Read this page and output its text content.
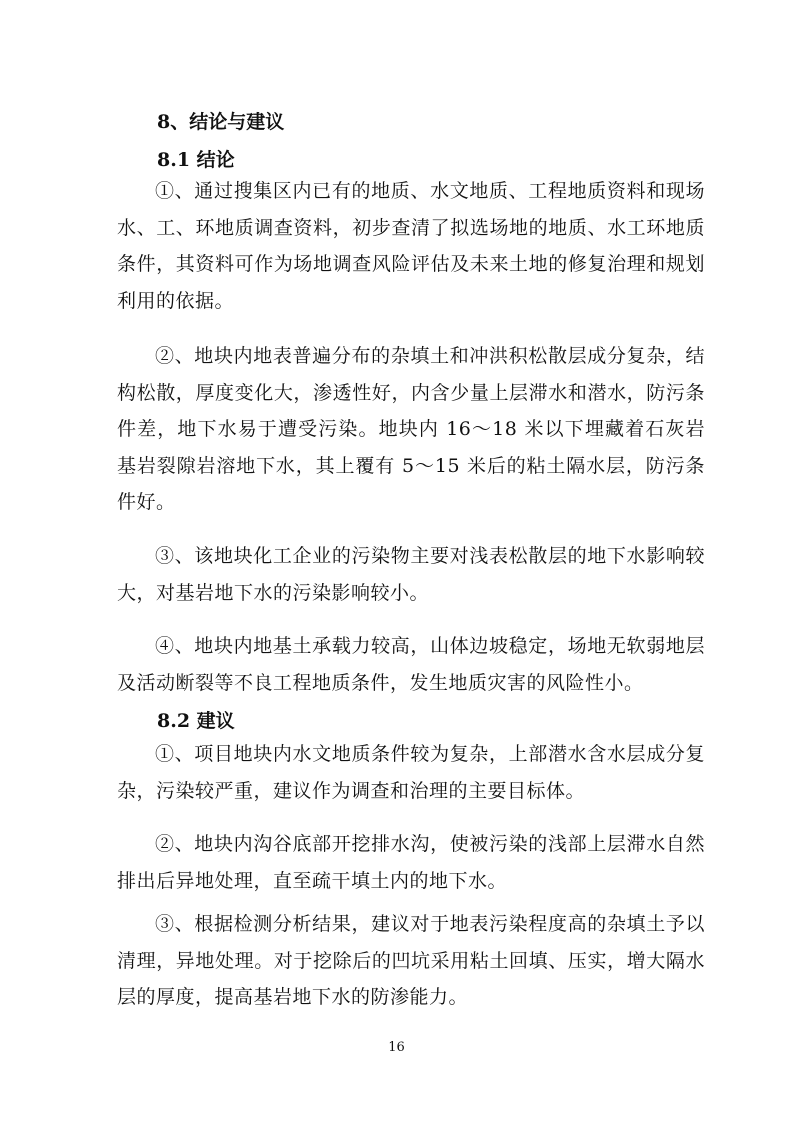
8、结论与建议
8.1 结论

①、通过搜集区内已有的地质、水文地质、工程地质资料和现场水、工、环地质调查资料，初步查清了拟选场地的地质、水工环地质条件，其资料可作为场地调查风险评估及未来土地的修复治理和规划利用的依据。

②、地块内地表普遍分布的杂填土和冲洪积松散层成分复杂，结构松散，厚度变化大，渗透性好，内含少量上层滞水和潜水，防污条件差，地下水易于遭受污染。地块内 16～18 米以下埋藏着石灰岩基岩裂隙岩溶地下水，其上覆有 5～15 米后的粘土隔水层，防污条件好。

③、该地块化工企业的污染物主要对浅表松散层的地下水影响较大，对基岩地下水的污染影响较小。

④、地块内地基土承载力较高，山体边坡稳定，场地无软弱地层及活动断裂等不良工程地质条件，发生地质灾害的风险性小。

8.2 建议

①、项目地块内水文地质条件较为复杂，上部潜水含水层成分复杂，污染较严重，建议作为调查和治理的主要目标体。

②、地块内沟谷底部开挖排水沟，使被污染的浅部上层滞水自然排出后异地处理，直至疏干填土内的地下水。

③、根据检测分析结果，建议对于地表污染程度高的杂填土予以清理，异地处理。对于挖除后的凹坑采用粘土回填、压实，增大隔水层的厚度，提高基岩地下水的防渗能力。

16
